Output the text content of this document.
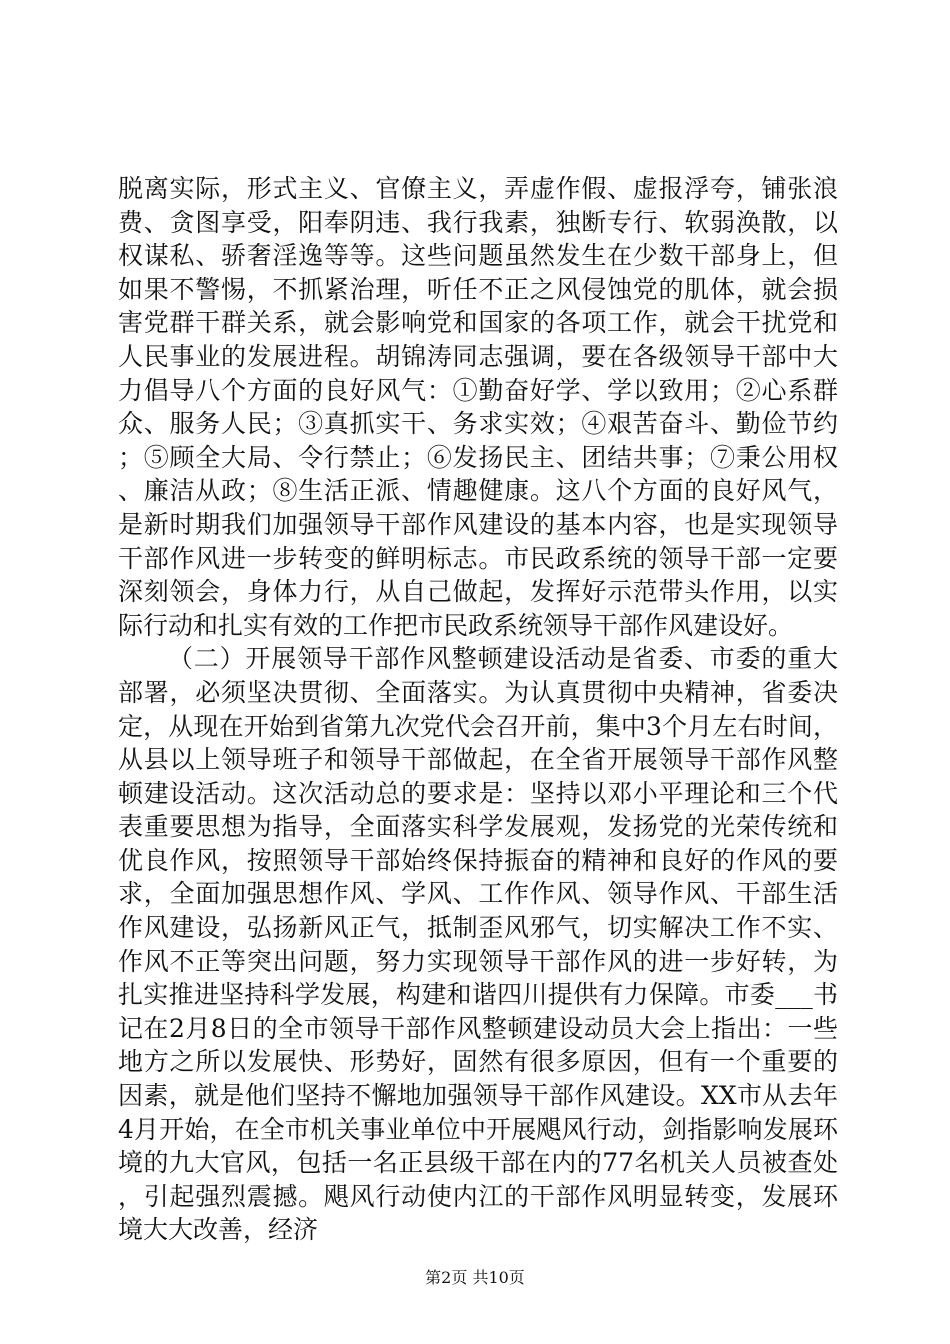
脱离实际，形式主义、官僚主义，弄虚作假、虚报浮夸，铺张浪费、贪图享受，阳奉阴违、我行我素，独断专行、软弱涣散，以权谋私、骄奢淫逸等等。这些问题虽然发生在少数干部身上，但如果不警惕，不抓紧治理，听任不正之风侵蚀党的肌体，就会损害党群干群关系，就会影响党和国家的各项工作，就会干扰党和人民事业的发展进程。胡锦涛同志强调，要在各级领导干部中大力倡导八个方面的良好风气：①勤奋好学、学以致用；②心系群众、服务人民；③真抓实干、务求实效；④艰苦奋斗、勤俭节约；⑤顾全大局、令行禁止；⑥发扬民主、团结共事；⑦秉公用权、廉洁从政；⑧生活正派、情趣健康。这八个方面的良好风气，是新时期我们加强领导干部作风建设的基本内容，也是实现领导干部作风进一步转变的鲜明标志。市民政系统的领导干部一定要深刻领会，身体力行，从自己做起，发挥好示范带头作用，以实际行动和扎实有效的工作把市民政系统领导干部作风建设好。

（二）开展领导干部作风整顿建设活动是省委、市委的重大部署，必须坚决贯彻、全面落实。为认真贯彻中央精神，省委决定，从现在开始到省第九次党代会召开前，集中3个月左右时间，从县以上领导班子和领导干部做起，在全省开展领导干部作风整顿建设活动。这次活动总的要求是：坚持以邓小平理论和三个代表重要思想为指导，全面落实科学发展观，发扬党的光荣传统和优良作风，按照领导干部始终保持振奋的精神和良好的作风的要求，全面加强思想作风、学风、工作作风、领导作风、干部生活作风建设，弘扬新风正气，抵制歪风邪气，切实解决工作不实、作风不正等突出问题，努力实现领导干部作风的进一步好转，为扎实推进坚持科学发展，构建和谐四川提供有力保障。市委___书记在2月8日的全市领导干部作风整顿建设动员大会上指出：一些地方之所以发展快、形势好，固然有很多原因，但有一个重要的因素，就是他们坚持不懈地加强领导干部作风建设。XX市从去年4月开始，在全市机关事业单位中开展飓风行动，剑指影响发展环境的九大官风，包括一名正县级干部在内的77名机关人员被查处，引起强烈震撼。飓风行动使内江的干部作风明显转变，发展环境大大改善，经济

第2页 共10页
